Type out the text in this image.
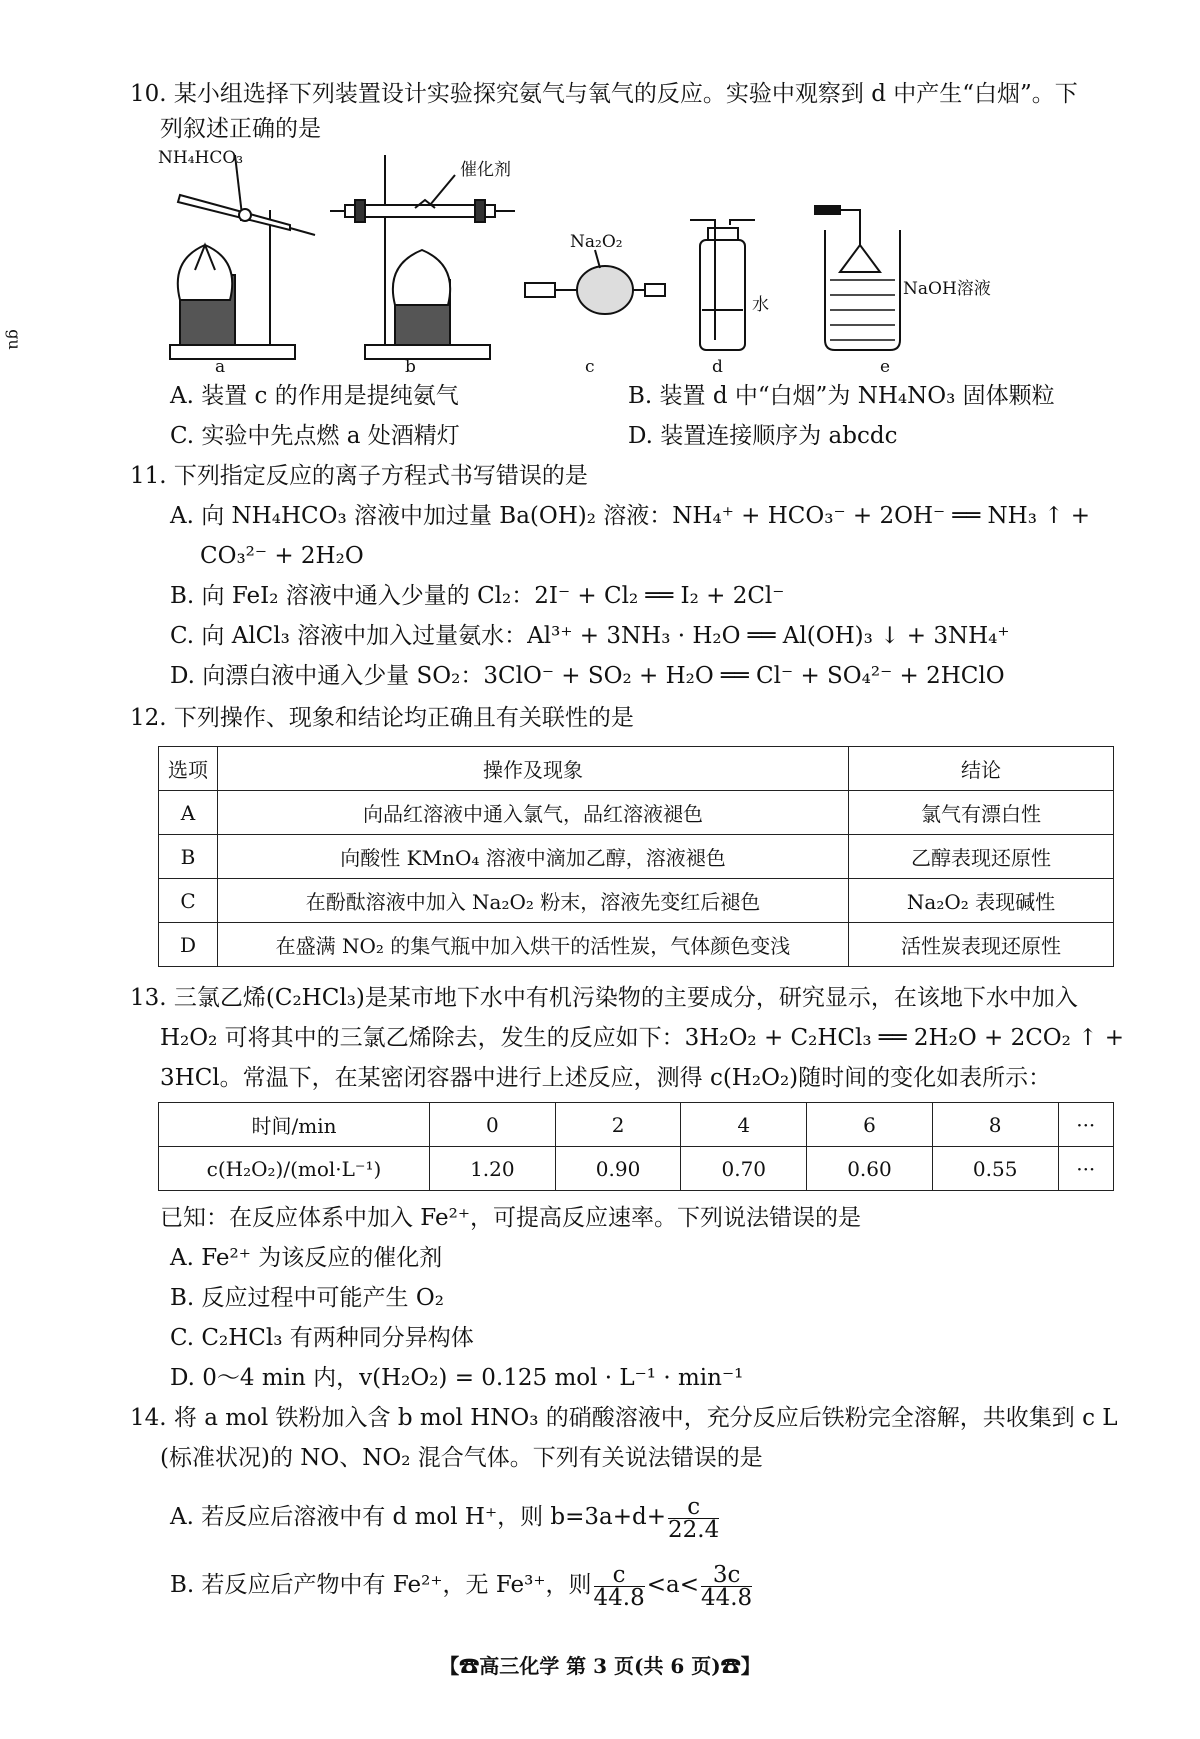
gu
10. 某小组选择下列装置设计实验探究氨气与氧气的反应。实验中观察到 d 中产生“白烟”。下
列叙述正确的是
NH₄HCO₃
催化剂
Na₂O₂
水
NaOH溶液
a	b	c	d	e
A. 装置 c 的作用是提纯氨气	B. 装置 d 中“白烟”为 NH₄NO₃ 固体颗粒
C. 实验中先点燃 a 处酒精灯	D. 装置连接顺序为 abcdc
11. 下列指定反应的离子方程式书写错误的是
A. 向 NH₄HCO₃ 溶液中加过量 Ba(OH)₂ 溶液：NH₄⁺ + HCO₃⁻ + 2OH⁻ ══ NH₃ ↑ +
CO₃²⁻ + 2H₂O
B. 向 FeI₂ 溶液中通入少量的 Cl₂：2I⁻ + Cl₂ ══ I₂ + 2Cl⁻
C. 向 AlCl₃ 溶液中加入过量氨水：Al³⁺ + 3NH₃ · H₂O ══ Al(OH)₃ ↓ + 3NH₄⁺
D. 向漂白液中通入少量 SO₂：3ClO⁻ + SO₂ + H₂O ══ Cl⁻ + SO₄²⁻ + 2HClO
12. 下列操作、现象和结论均正确且有关联性的是
选项	操作及现象	结论
A	向品红溶液中通入氯气，品红溶液褪色	氯气有漂白性
B	向酸性 KMnO₄ 溶液中滴加乙醇，溶液褪色	乙醇表现还原性
C	在酚酞溶液中加入 Na₂O₂ 粉末，溶液先变红后褪色	Na₂O₂ 表现碱性
D	在盛满 NO₂ 的集气瓶中加入烘干的活性炭，气体颜色变浅	活性炭表现还原性
13. 三氯乙烯(C₂HCl₃)是某市地下水中有机污染物的主要成分，研究显示，在该地下水中加入
H₂O₂ 可将其中的三氯乙烯除去，发生的反应如下：3H₂O₂ + C₂HCl₃ ══ 2H₂O + 2CO₂ ↑ +
3HCl。常温下，在某密闭容器中进行上述反应，测得 c(H₂O₂)随时间的变化如表所示：
时间/min	0	2	4	6	8	···
c(H₂O₂)/(mol·L⁻¹)	1.20	0.90	0.70	0.60	0.55	···
已知：在反应体系中加入 Fe²⁺，可提高反应速率。下列说法错误的是
A. Fe²⁺ 为该反应的催化剂
B. 反应过程中可能产生 O₂
C. C₂HCl₃ 有两种同分异构体
D. 0～4 min 内，v(H₂O₂) = 0.125 mol · L⁻¹ · min⁻¹
14. 将 a mol 铁粉加入含 b mol HNO₃ 的硝酸溶液中，充分反应后铁粉完全溶解，共收集到 c L
(标准状况)的 NO、NO₂ 混合气体。下列有关说法错误的是
A. 若反应后溶液中有 d mol H⁺，则 $b=3a+d+ \frac{c}{22.4}$
B. 若反应后产物中有 Fe²⁺，无 Fe³⁺，则 $\frac{c}{44.8} <a< \frac{3c}{44.8}$
【☎高三化学 第 3 页(共 6 页)☎】
